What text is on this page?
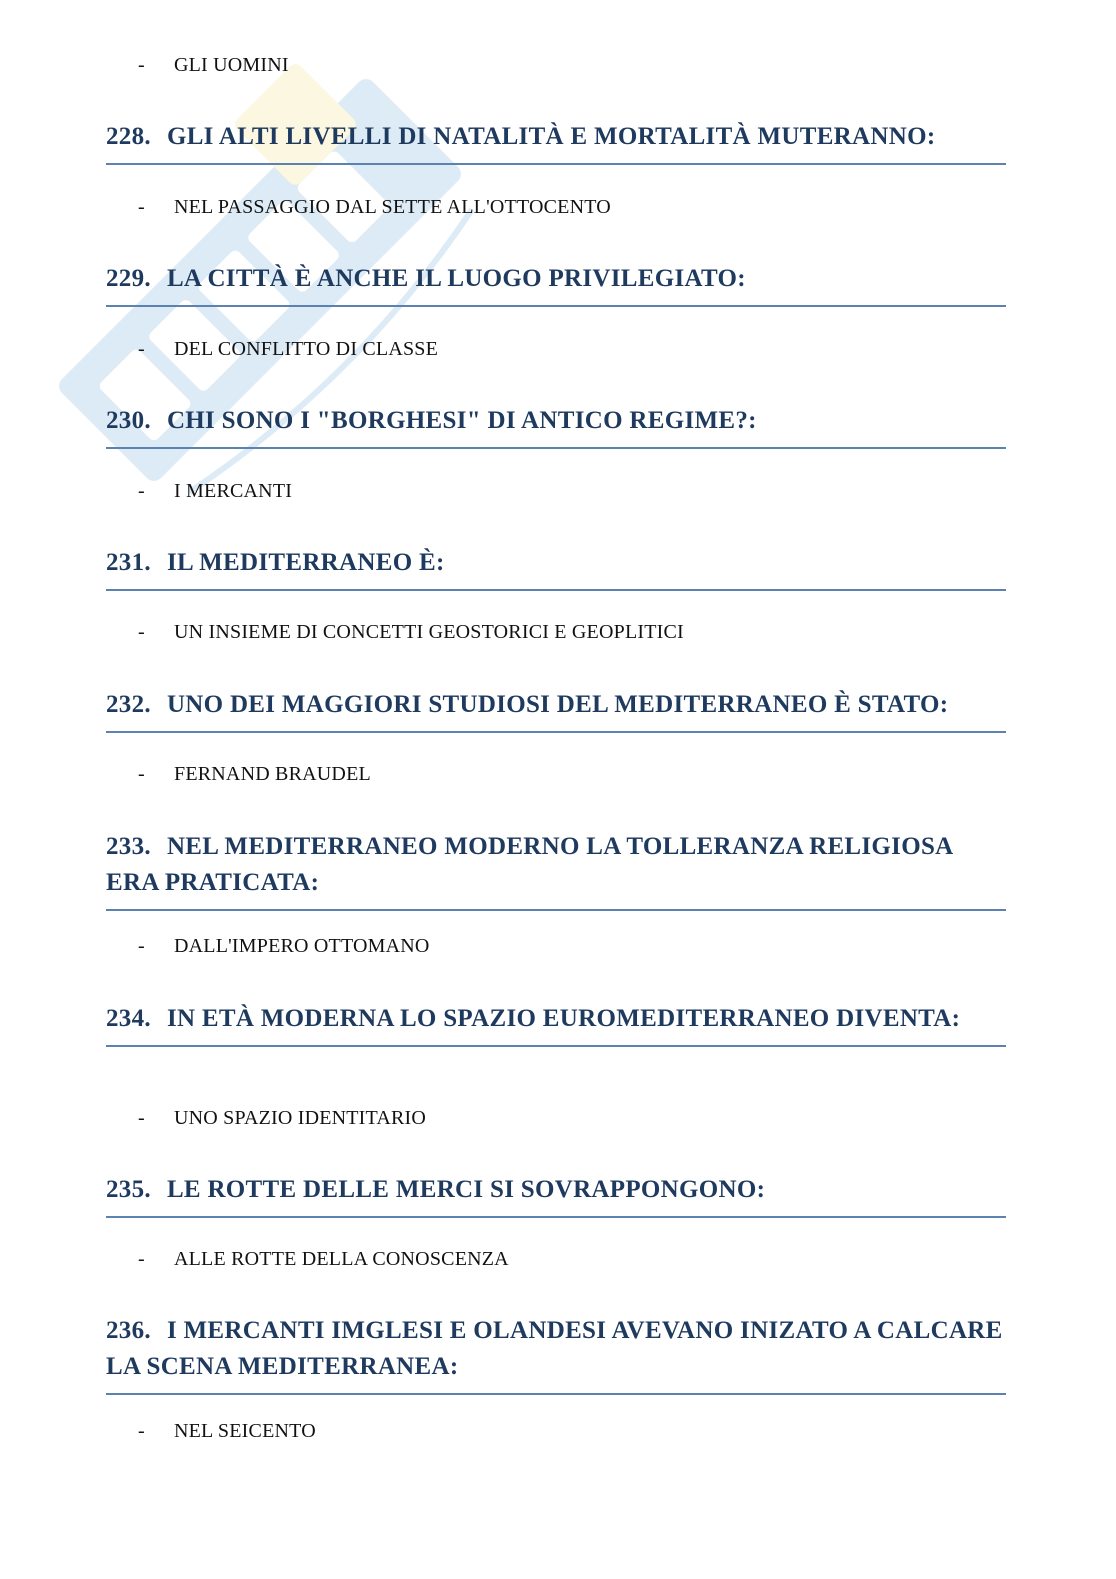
- GLI UOMINI
228. GLI ALTI LIVELLI DI NATALITÀ E MORTALITÀ MUTERANNO:
- NEL PASSAGGIO DAL SETTE ALL'OTTOCENTO
229. LA CITTÀ È ANCHE IL LUOGO PRIVILEGIATO:
- DEL CONFLITTO DI CLASSE
230. CHI SONO I "BORGHESI" DI ANTICO REGIME?:
- I MERCANTI
231. IL MEDITERRANEO È:
- UN INSIEME DI CONCETTI GEOSTORICI E GEOPLITICI
232. UNO DEI MAGGIORI STUDIOSI DEL MEDITERRANEO È STATO:
- FERNAND BRAUDEL
233. NEL MEDITERRANEO MODERNO LA TOLLERANZA RELIGIOSA ERA PRATICATA:
- DALL'IMPERO OTTOMANO
234. IN ETÀ MODERNA LO SPAZIO EUROMEDITERRANEO DIVENTA:
- UNO SPAZIO IDENTITARIO
235. LE ROTTE DELLE MERCI SI SOVRAPPONGONO:
- ALLE ROTTE DELLA CONOSCENZA
236. I MERCANTI IMGLESI E OLANDESI AVEVANO INIZATO A CALCARE LA SCENA MEDITERRANEA:
- NEL SEICENTO
